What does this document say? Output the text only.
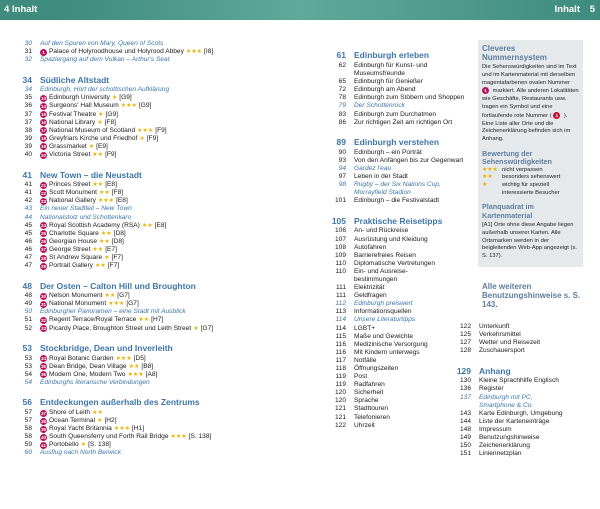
4 Inhalt	Inhalt 5
30 Auf den Spuren von Mary, Queen of Scots
31	1 Palace of Holyroodhouse und Holyrood Abbey ★★★ [I8]
32 Spaziergang auf dem Vulkan – Arthur's Seat
34 Südliche Altstadt
34 Edinburgh, Hort der schottischen Aufklärung
35 13 Edinburgh University ★ [G9]
36 14 Surgeons' Hall Museum ★★★ [G9]
37 15 Festival Theatre ★ [G9]
37 16 National Library ★ [F8]
38 17 National Museum of Scotland ★★★ [F9]
39 18 Greyfriars Kirche und Friedhof ★ [F9]
39 19 Grassmarket ★ [E9]
40 20 Victoria Street ★★ [F9]
41 New Town – die Neustadt
41 21 Princes Street ★★ [E8]
41 22 Scott Monument ★★ [F8]
42 23 National Gallery ★★★ [E8]
43 Ein neuer Stadtteil – New Town
44 Nationalstolz und Schottenkaro
45 24 Royal Scottish Academy (RSA) ★★ [E8]
45 25 Charlotte Square ★★ [D8]
46 26 Georgian House ★★ [D8]
46 27 George Street ★★ [E7]
47 28 St Andrew Square ★ [F7]
47 29 Portrait Gallery ★★ [F7]
48 Der Osten – Calton Hill und Broughton
48 30 Nelson Monument ★★ [G7]
49 31 National Monument ★★★ [G7]
50 Edinburgher Panoramen – eine Stadt mit Ausblick
51 32 Regent Terrace/Royal Terrace ★★ [H7]
52 33 Picardy Place, Broughton Street und Leith Street ★ [G7]
53 Stockbridge, Dean und Inverleith
53 34 Royal Botanic Garden ★★★ [D5]
53 35 Dean Bridge, Dean Village ★★ [B8]
54 36 Modern One, Modern Two ★★★ [A8]
54 Edinburghs literarische Verbindungen
56 Entdeckungen außerhalb des Zentrums
57 37 Shore of Leith ★★
57 38 Ocean Terminal ★ [H2]
58 39 Royal Yacht Britannia ★★★ [H1]
58 40 South Queensferry und Forth Rail Bridge ★★★ [S. 138]
59 41 Portobello ★ [S. 138]
60 Ausflug nach North Berwick
61 Edinburgh erleben
62 Edinburgh für Kunst- und
Museumsfreunde
65 Edinburgh für Genießer
72 Edinburgh am Abend
78 Edinburgh zum Stöbern und Shoppen
79 Der Schottenrock
83 Edinburgh zum Durchatmen
86 Zur richtigen Zeit am richtigen Ort
89 Edinburgh verstehen
90 Edinburgh – ein Porträt
93 Von den Anfängen bis zur Gegenwart
94 Gardez l'eau
97 Leben in der Stadt
98 Rugby – der Six Nations Cup,
Murrayfield Stadion
101 Edinburgh – die Festivalstadt
105 Praktische Reisetipps
106 An- und Rückreise
107 Ausrüstung und Kleidung
108 Autofahren
109 Barrierefreies Reisen
110 Diplomatische Vertretungen
110 Ein- und Ausreise-
bestimmungen
111 Elektrizität
111 Geldfragen
112 Edinburgh preiswert
113 Informationsquellen
114 Unsere Literaturtipps
114 LGBT+
115 Maße und Gewichte
116 Medizinische Versorgung
116 Mit Kindern unterwegs
117 Notfälle
118 Öffnungszeiten
119 Post
119 Radfahren
120 Sicherheit
120 Sprache
121 Stadttouren
121 Telefonieren
122 Uhrzeit
122 Unterkunft
125 Verkehrsmittel
127 Wetter und Reisezeit
128 Zuschauersport
129 Anhang
130 Kleine Sprachhilfe Englisch
136 Register
137 Edinburgh mit PC,
Smartphone & Co.
143 Karte Edinburgh, Umgebung
144 Liste der Karteneinträge
148 Impressum
149 Benutzungshinweise
150 Zeichenerklärung
151 Liniennetzplan
Cleveres Nummernsystem
Die Sehenswürdigkeiten sind im Text und im Kartenmaterial mit derselben magentafarbenen ovalen Nummer 1 markiert. Alle anderen Lokalitäten wie Geschäfte, Restaurants usw. tragen ein Symbol und eine fortlaufende rote Nummer ( 1 ). Eine Liste aller Orte und die Zeichenerklärung befinden sich im Anhang.
Bewertung der Sehenswürdigkeiten
★★★ nicht verpassen
★★	besonders sehenswert
★	wichtig für speziell interessierte Besucher
Planquadrat im Kartenmaterial
[A1] Orte ohne diese Angabe liegen außerhalb unserer Karten. Alle Ortsmarken werden in der beigleitenden Web-App angezeigt (s. S. 137).
Alle weiteren Benutzungshinweise s. S. 143.
